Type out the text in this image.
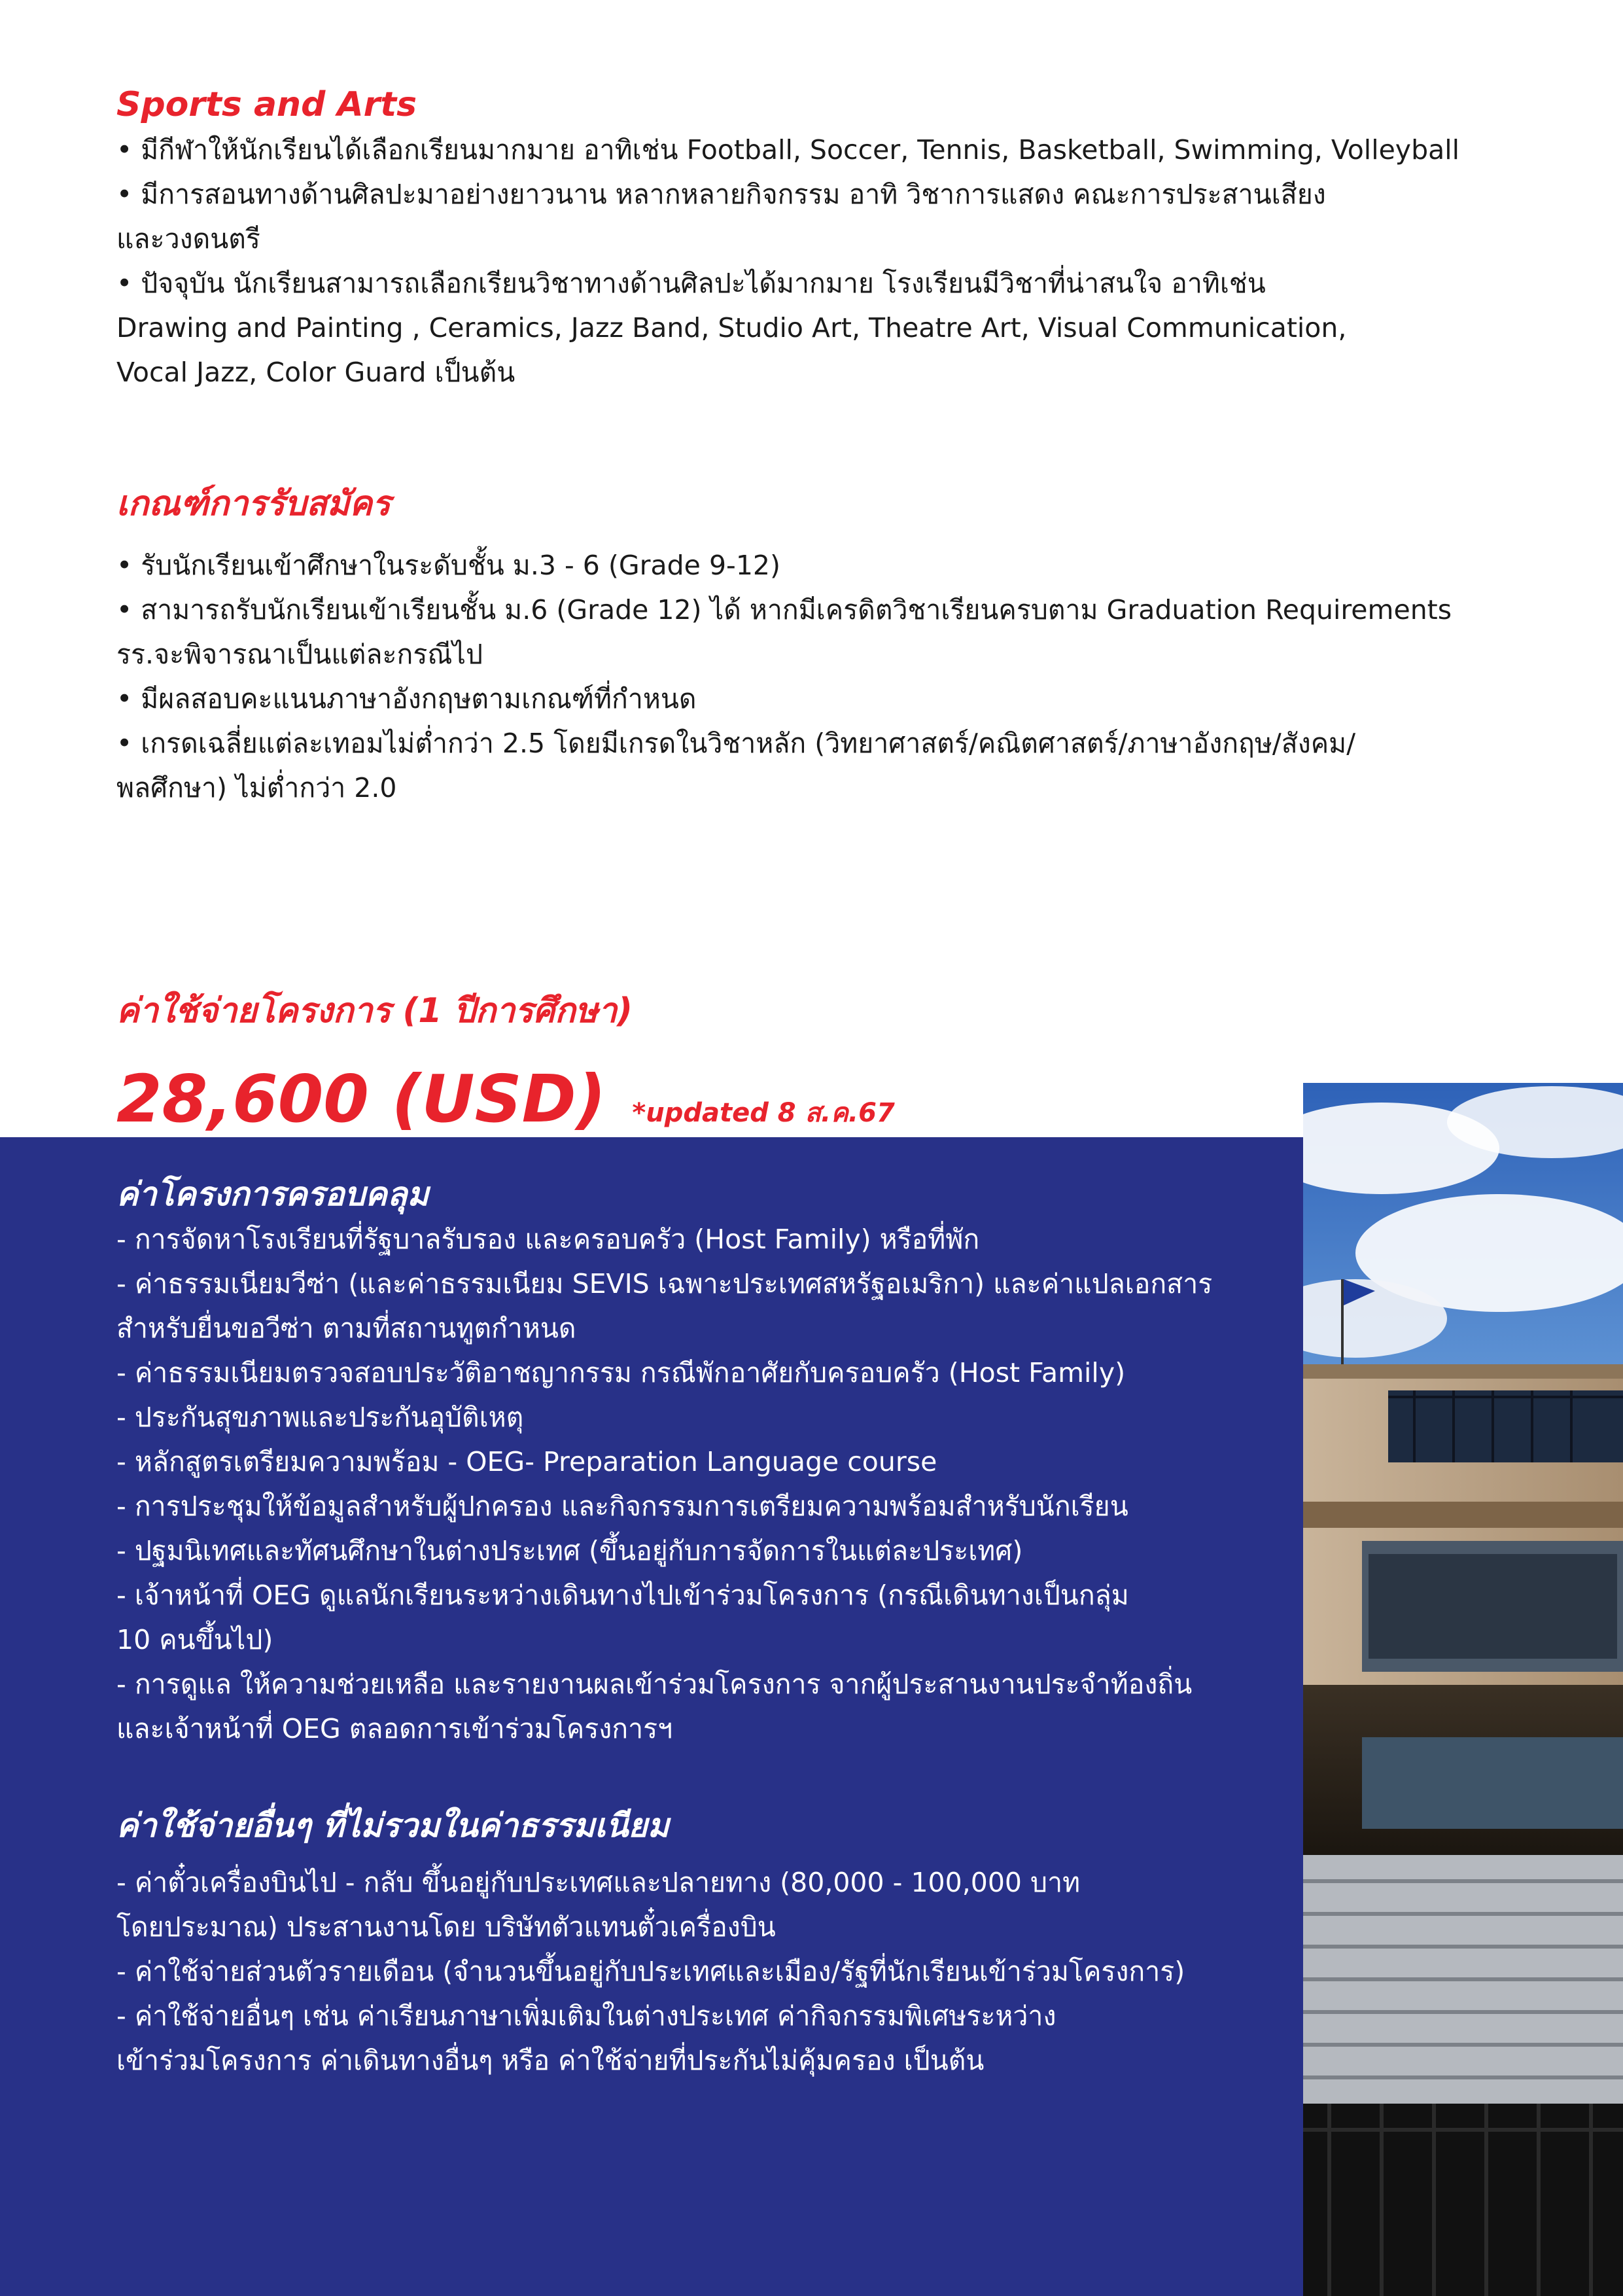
Sports and Arts

• มีกีฬาให้นักเรียนได้เลือกเรียนมากมาย อาทิเช่น Football, Soccer, Tennis, Basketball, Swimming, Volleyball

• มีการสอนทางด้านศิลปะมาอย่างยาวนาน หลากหลายกิจกรรม อาทิ วิชาการแสดง คณะการประสานเสียง

และวงดนตรี

• ปัจจุบัน นักเรียนสามารถเลือกเรียนวิชาทางด้านศิลปะได้มากมาย โรงเรียนมีวิชาที่น่าสนใจ อาทิเช่น

Drawing and Painting , Ceramics, Jazz Band, Studio Art, Theatre Art, Visual Communication,

Vocal Jazz, Color Guard เป็นต้น

เกณฑ์การรับสมัคร

• รับนักเรียนเข้าศึกษาในระดับชั้น ม.3 - 6 (Grade 9-12)

• สามารถรับนักเรียนเข้าเรียนชั้น ม.6 (Grade 12) ได้ หากมีเครดิตวิชาเรียนครบตาม Graduation Requirements

รร.จะพิจารณาเป็นแต่ละกรณีไป

• มีผลสอบคะแนนภาษาอังกฤษตามเกณฑ์ที่กำหนด

• เกรดเฉลี่ยแต่ละเทอมไม่ต่ำกว่า 2.5 โดยมีเกรดในวิชาหลัก (วิทยาศาสตร์/คณิตศาสตร์/ภาษาอังกฤษ/สังคม/

พลศึกษา) ไม่ต่ำกว่า 2.0

ค่าใช้จ่ายโครงการ (1 ปีการศึกษา)
28,600 (USD) *updated 8 ส.ค.67
ค่าโครงการครอบคลุม

- การจัดหาโรงเรียนที่รัฐบาลรับรอง และครอบครัว (Host Family) หรือที่พัก

- ค่าธรรมเนียมวีซ่า (และค่าธรรมเนียม SEVIS เฉพาะประเทศสหรัฐอเมริกา) และค่าแปลเอกสาร

สำหรับยื่นขอวีซ่า ตามที่สถานทูตกำหนด

- ค่าธรรมเนียมตรวจสอบประวัติอาชญากรรม กรณีพักอาศัยกับครอบครัว (Host Family)

- ประกันสุขภาพและประกันอุบัติเหตุ

- หลักสูตรเตรียมความพร้อม - OEG- Preparation Language course

- การประชุมให้ข้อมูลสำหรับผู้ปกครอง และกิจกรรมการเตรียมความพร้อมสำหรับนักเรียน

- ปฐมนิเทศและทัศนศึกษาในต่างประเทศ (ขึ้นอยู่กับการจัดการในแต่ละประเทศ)

- เจ้าหน้าที่ OEG ดูแลนักเรียนระหว่างเดินทางไปเข้าร่วมโครงการ (กรณีเดินทางเป็นกลุ่ม

10 คนขึ้นไป)

- การดูแล ให้ความช่วยเหลือ และรายงานผลเข้าร่วมโครงการ จากผู้ประสานงานประจำท้องถิ่น

และเจ้าหน้าที่ OEG ตลอดการเข้าร่วมโครงการฯ

ค่าใช้จ่ายอื่นๆ ที่ไม่รวมในค่าธรรมเนียม

- ค่าตั๋วเครื่องบินไป - กลับ ขึ้นอยู่กับประเทศและปลายทาง (80,000 - 100,000 บาท

โดยประมาณ) ประสานงานโดย บริษัทตัวแทนตั๋วเครื่องบิน

- ค่าใช้จ่ายส่วนตัวรายเดือน (จำนวนขึ้นอยู่กับประเทศและเมือง/รัฐที่นักเรียนเข้าร่วมโครงการ)

- ค่าใช้จ่ายอื่นๆ เช่น ค่าเรียนภาษาเพิ่มเติมในต่างประเทศ ค่ากิจกรรมพิเศษระหว่าง

เข้าร่วมโครงการ ค่าเดินทางอื่นๆ หรือ ค่าใช้จ่ายที่ประกันไม่คุ้มครอง เป็นต้น
